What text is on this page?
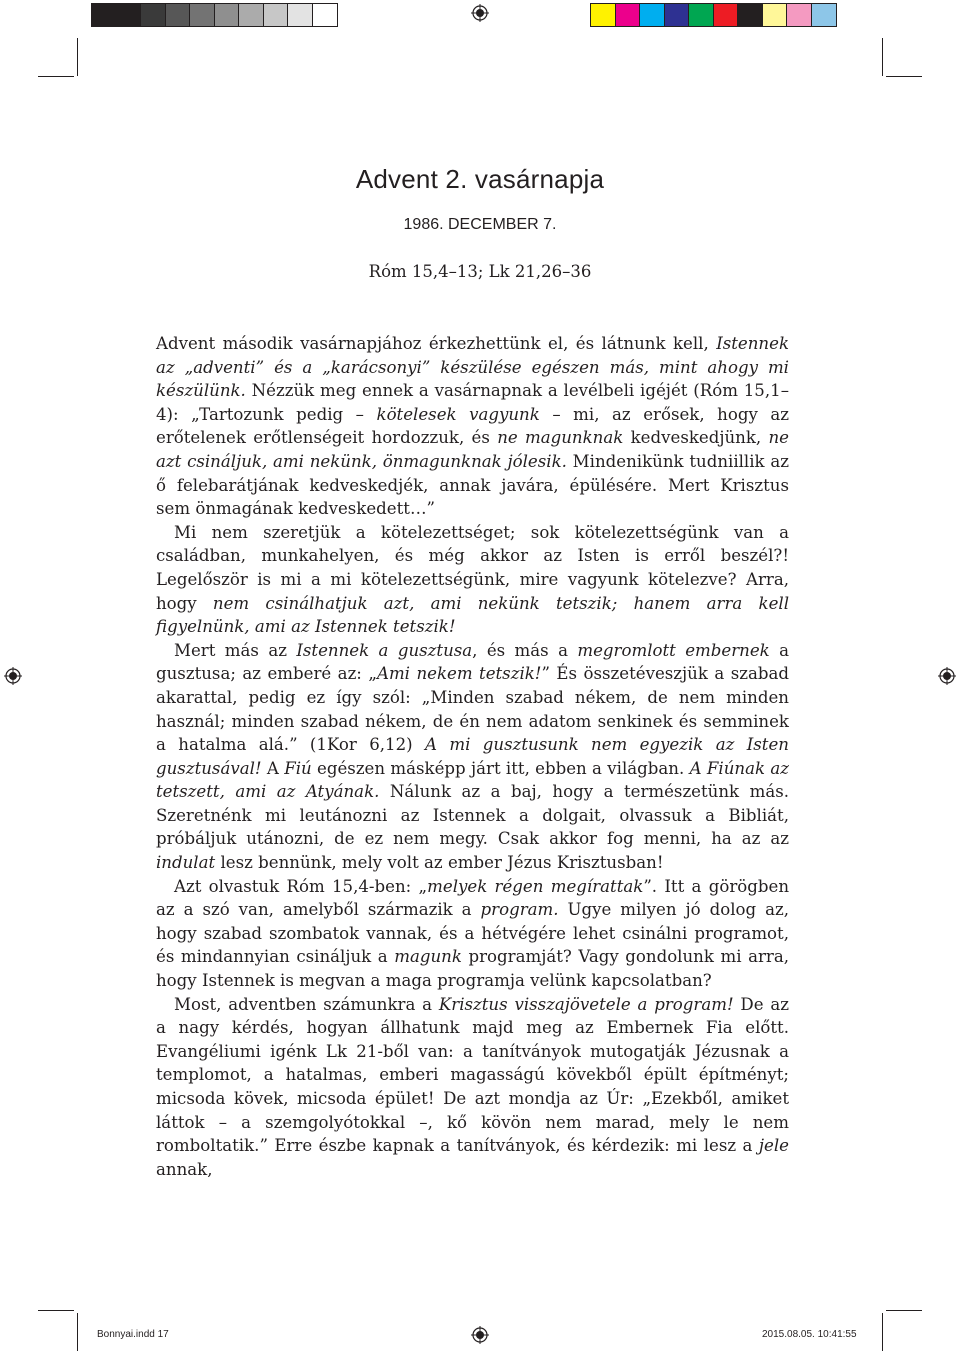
Advent 2. vasárnapja
1986. DECEMBER 7.
Róm 15,4–13; Lk 21,26–36

Advent második vasárnapjához érkezhettünk el, és látnunk kell, Istennek az „adventi” és a „karácsonyi” készülése egészen más, mint ahogy mi készülünk. Nézzük meg ennek a vasárnapnak a levélbeli igéjét (Róm 15,1–4): „Tartozunk pedig – kötelesek vagyunk – mi, az erősek, hogy az erőtelenek erőtlenségeit hordozzuk, és ne magunknak kedveskedjünk, ne azt csináljuk, ami nekünk, önmagunknak jólesik. Mindenikünk tudniillik az ő felebarátjának kedveskedjék, annak javára, épülésére. Mert Krisztus sem önmagának kedveskedett…”

Mi nem szeretjük a kötelezettséget; sok kötelezettségünk van a családban, munkahelyen, és még akkor az Isten is erről beszél?! Legelőször is mi a mi kötelezettségünk, mire vagyunk kötelezve? Arra, hogy nem csinálhatjuk azt, ami nekünk tetszik; hanem arra kell figyelnünk, ami az Istennek tetszik!

Mert más az Istennek a gusztusa, és más a megromlott embernek a gusztusa; az emberé az: „Ami nekem tetszik!” És összetéveszjük a szabad akarattal, pedig ez így szól: „Minden szabad nékem, de nem minden használ; minden szabad nékem, de én nem adatom senkinek és semminek a hatalma alá.” (1Kor 6,12) A mi gusztusunk nem egyezik az Isten gusztusával! A Fiú egészen másképp járt itt, ebben a világban. A Fiúnak az tetszett, ami az Atyának. Nálunk az a baj, hogy a természetünk más. Szeretnénk mi leutánozni az Istennek a dolgait, olvassuk a Bibliát, próbáljuk utánozni, de ez nem megy. Csak akkor fog menni, ha az az indulat lesz bennünk, mely volt az ember Jézus Krisztusban!

Azt olvastuk Róm 15,4-ben: „melyek régen megírattak”. Itt a görögben az a szó van, amelyből származik a program. Ugye milyen jó dolog az, hogy szabad szombatok vannak, és a hétvégére lehet csinálni programot, és mindannyian csináljuk a magunk programját? Vagy gondolunk mi arra, hogy Istennek is megvan a maga programja velünk kapcsolatban?

Most, adventben számunkra a Krisztus visszajövetele a program! De az a nagy kérdés, hogyan állhatunk majd meg az Embernek Fia előtt. Evangéliumi igénk Lk 21-ből van: a tanítványok mutogatják Jézusnak a templomot, a hatalmas, emberi magasságú kövekből épült építményt; micsoda kövek, micsoda épület! De azt mondja az Úr: „Ezekből, amiket láttok – a szemgolyótokkal –, kő kövön nem marad, mely le nem romboltatik.” Erre észbe kapnak a tanítványok, és kérdezik: mi lesz a jele annak,

Bonnyai.indd 17	2015.08.05. 10:41:55
